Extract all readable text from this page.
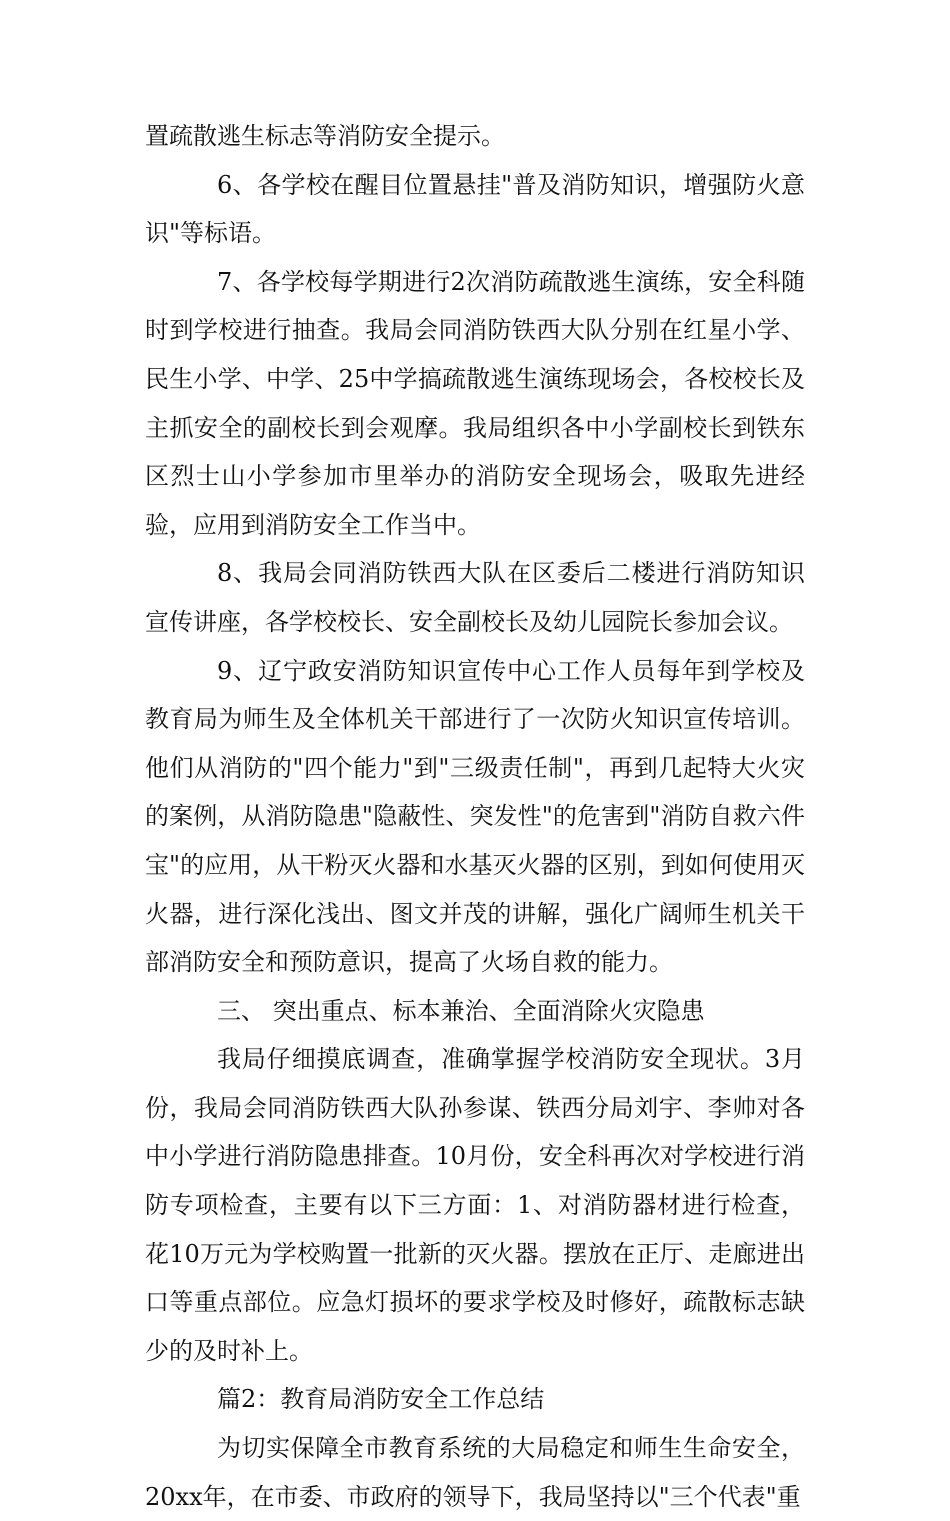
置疏散逃生标志等消防安全提示。

6、各学校在醒目位置悬挂"普及消防知识，增强防火意识"等标语。

7、各学校每学期进行2次消防疏散逃生演练，安全科随时到学校进行抽查。我局会同消防铁西大队分别在红星小学、民生小学、中学、25中学搞疏散逃生演练现场会，各校校长及主抓安全的副校长到会观摩。我局组织各中小学副校长到铁东区烈士山小学参加市里举办的消防安全现场会，吸取先进经验，应用到消防安全工作当中。

8、我局会同消防铁西大队在区委后二楼进行消防知识宣传讲座，各学校校长、安全副校长及幼儿园院长参加会议。

9、辽宁政安消防知识宣传中心工作人员每年到学校及教育局为师生及全体机关干部进行了一次防火知识宣传培训。他们从消防的"四个能力"到"三级责任制"，再到几起特大火灾的案例，从消防隐患"隐蔽性、突发性"的危害到"消防自救六件宝"的应用，从干粉灭火器和水基灭火器的区别，到如何使用灭火器，进行深化浅出、图文并茂的讲解，强化广阔师生机关干部消防安全和预防意识，提高了火场自救的能力。

三、 突出重点、标本兼治、全面消除火灾隐患

我局仔细摸底调查，准确掌握学校消防安全现状。3月份，我局会同消防铁西大队孙参谋、铁西分局刘宇、李帅对各中小学进行消防隐患排查。10月份，安全科再次对学校进行消防专项检查，主要有以下三方面：1、对消防器材进行检查，花10万元为学校购置一批新的灭火器。摆放在正厅、走廊进出口等重点部位。应急灯损坏的要求学校及时修好，疏散标志缺少的及时补上。

篇2：教育局消防安全工作总结

为切实保障全市教育系统的大局稳定和师生生命安全，20xx年，在市委、市政府的领导下，我局坚持以"三个代表"重
